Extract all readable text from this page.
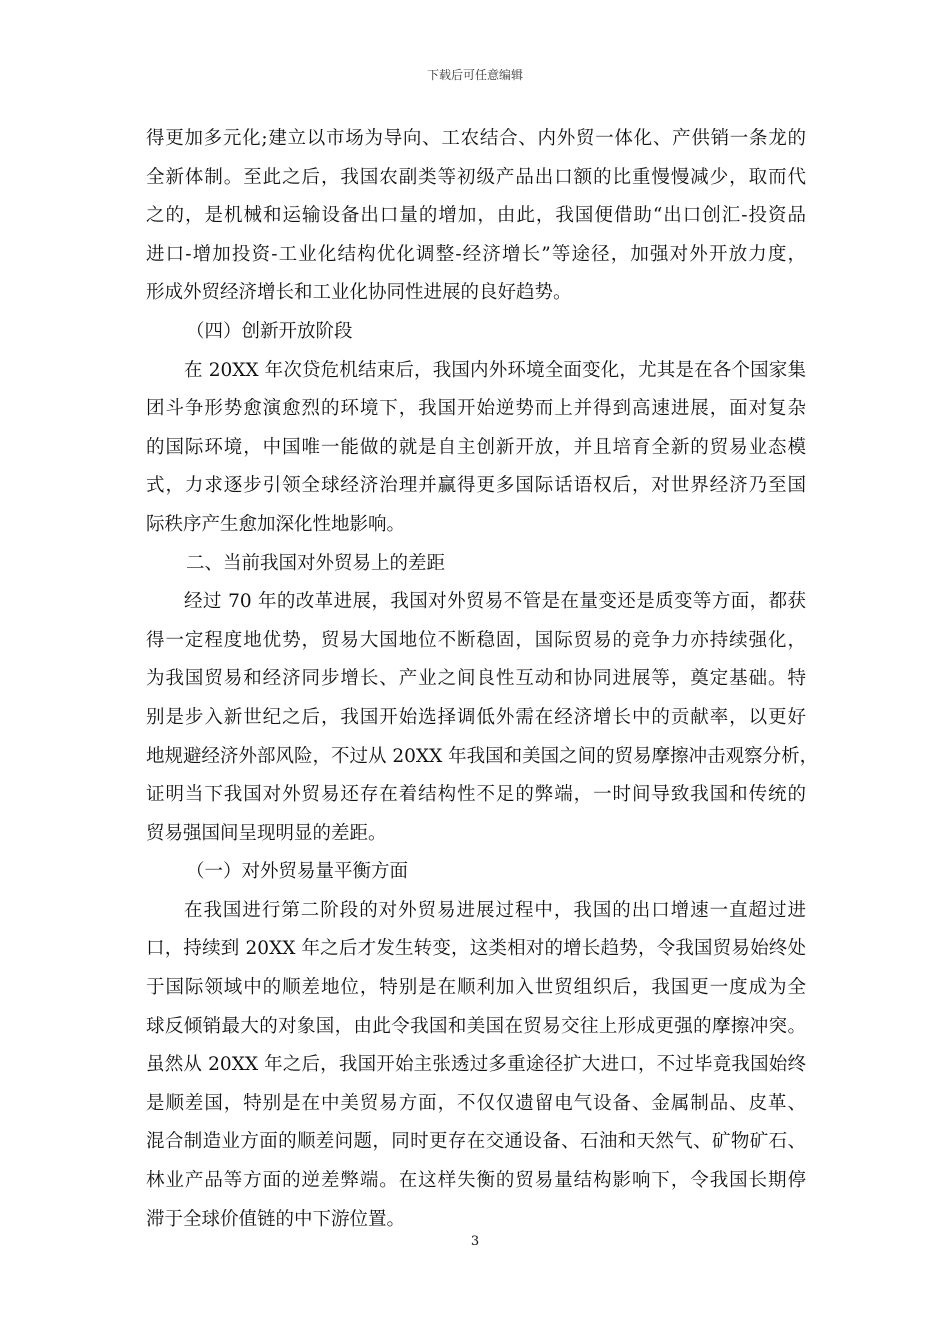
下载后可任意编辑
得更加多元化;建立以市场为导向、工农结合、内外贸一体化、产供销一条龙的
全新体制。至此之后，我国农副类等初级产品出口额的比重慢慢减少，取而代
之的，是机械和运输设备出口量的增加，由此，我国便借助“出口创汇-投资品
进口-增加投资-工业化结构优化调整-经济增长”等途径，加强对外开放力度，
形成外贸经济增长和工业化协同性进展的良好趋势。
（四）创新开放阶段
在 20XX 年次贷危机结束后，我国内外环境全面变化，尤其是在各个国家集
团斗争形势愈演愈烈的环境下，我国开始逆势而上并得到高速进展，面对复杂
的国际环境，中国唯一能做的就是自主创新开放，并且培育全新的贸易业态模
式，力求逐步引领全球经济治理并赢得更多国际话语权后，对世界经济乃至国
际秩序产生愈加深化性地影响。
二、当前我国对外贸易上的差距
经过 70 年的改革进展，我国对外贸易不管是在量变还是质变等方面，都获
得一定程度地优势，贸易大国地位不断稳固，国际贸易的竞争力亦持续强化，
为我国贸易和经济同步增长、产业之间良性互动和协同进展等，奠定基础。特
别是步入新世纪之后，我国开始选择调低外需在经济增长中的贡献率，以更好
地规避经济外部风险，不过从 20XX 年我国和美国之间的贸易摩擦冲击观察分析，
证明当下我国对外贸易还存在着结构性不足的弊端，一时间导致我国和传统的
贸易强国间呈现明显的差距。
（一）对外贸易量平衡方面
在我国进行第二阶段的对外贸易进展过程中，我国的出口增速一直超过进
口，持续到 20XX 年之后才发生转变，这类相对的增长趋势，令我国贸易始终处
于国际领域中的顺差地位，特别是在顺利加入世贸组织后，我国更一度成为全
球反倾销最大的对象国，由此令我国和美国在贸易交往上形成更强的摩擦冲突。
虽然从 20XX 年之后，我国开始主张透过多重途径扩大进口，不过毕竟我国始终
是顺差国，特别是在中美贸易方面，不仅仅遗留电气设备、金属制品、皮革、
混合制造业方面的顺差问题，同时更存在交通设备、石油和天然气、矿物矿石、
林业产品等方面的逆差弊端。在这样失衡的贸易量结构影响下，令我国长期停
滞于全球价值链的中下游位置。
3
